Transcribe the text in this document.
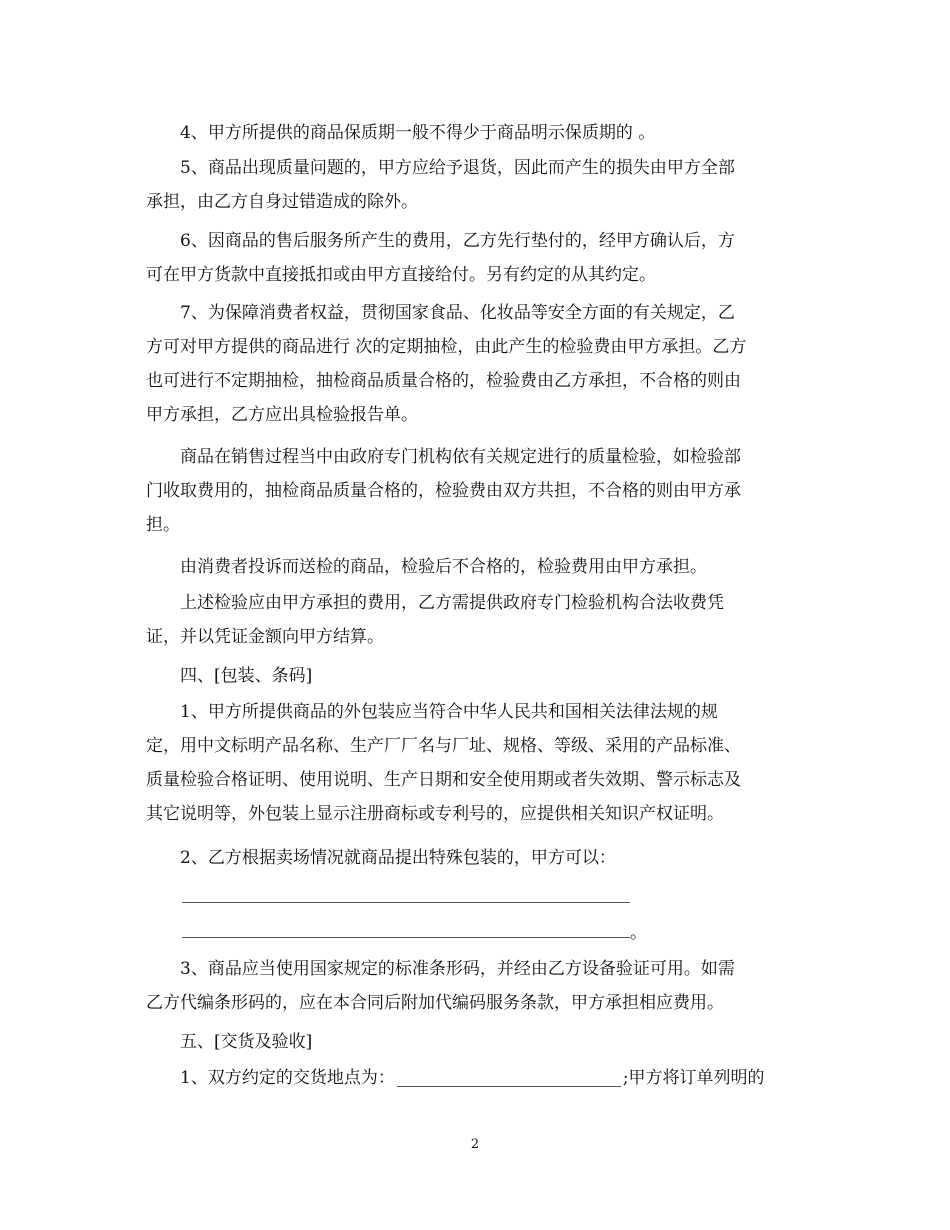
4、甲方所提供的商品保质期一般不得少于商品明示保质期的 。
5、商品出现质量问题的，甲方应给予退货，因此而产生的损失由甲方全部
承担，由乙方自身过错造成的除外。
6、因商品的售后服务所产生的费用，乙方先行垫付的，经甲方确认后，方
可在甲方货款中直接抵扣或由甲方直接给付。另有约定的从其约定。
7、为保障消费者权益，贯彻国家食品、化妆品等安全方面的有关规定，乙
方可对甲方提供的商品进行 次的定期抽检，由此产生的检验费由甲方承担。乙方
也可进行不定期抽检，抽检商品质量合格的，检验费由乙方承担，不合格的则由
甲方承担，乙方应出具检验报告单。
商品在销售过程当中由政府专门机构依有关规定进行的质量检验，如检验部
门收取费用的，抽检商品质量合格的，检验费由双方共担，不合格的则由甲方承
担。
由消费者投诉而送检的商品，检验后不合格的，检验费用由甲方承担。
上述检验应由甲方承担的费用，乙方需提供政府专门检验机构合法收费凭
证，并以凭证金额向甲方结算。
四、[包装、条码]
1、甲方所提供商品的外包装应当符合中华人民共和国相关法律法规的规
定，用中文标明产品名称、生产厂厂名与厂址、规格、等级、采用的产品标准、
质量检验合格证明、使用说明、生产日期和安全使用期或者失效期、警示标志及
其它说明等，外包装上显示注册商标或专利号的，应提供相关知识产权证明。
2、乙方根据卖场情况就商品提出特殊包装的，甲方可以：
。
3、商品应当使用国家规定的标准条形码，并经由乙方设备验证可用。如需
乙方代编条形码的，应在本合同后附加代编码服务条款，甲方承担相应费用。
五、[交货及验收]
1、双方约定的交货地点为：	;甲方将订单列明的
2
